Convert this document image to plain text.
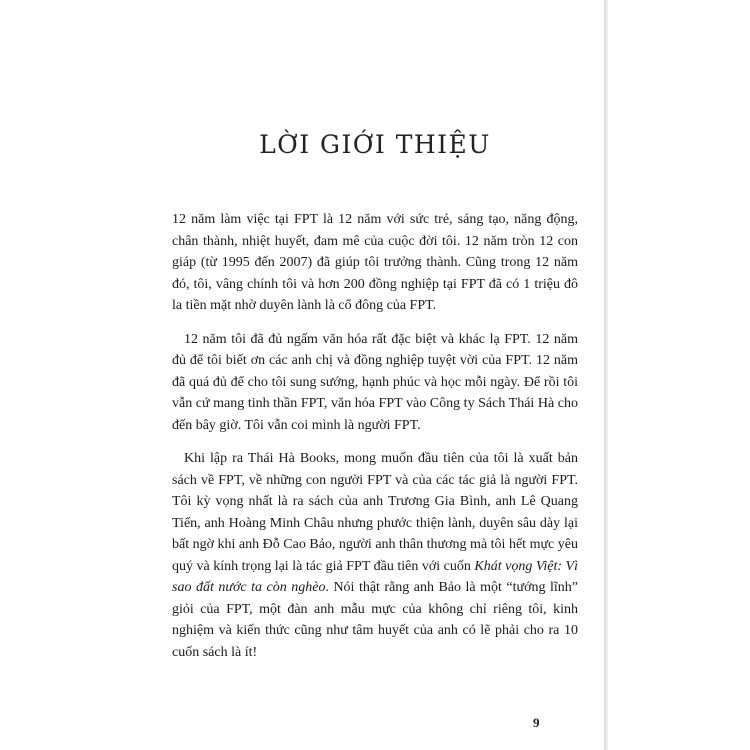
LỜI GIỚI THIỆU

12 năm làm việc tại FPT là 12 năm với sức trẻ, sáng tạo, năng động, chân thành, nhiệt huyết, đam mê của cuộc đời tôi. 12 năm tròn 12 con giáp (từ 1995 đến 2007) đã giúp tôi trưởng thành. Cũng trong 12 năm đó, tôi, vâng chính tôi và hơn 200 đồng nghiệp tại FPT đã có 1 triệu đô la tiền mặt nhờ duyên lành là cổ đông của FPT.

12 năm tôi đã đủ ngấm văn hóa rất đặc biệt và khác lạ FPT. 12 năm đủ để tôi biết ơn các anh chị và đồng nghiệp tuyệt vời của FPT. 12 năm đã quá đủ để cho tôi sung sướng, hạnh phúc và học mỗi ngày. Để rồi tôi vẫn cứ mang tinh thần FPT, văn hóa FPT vào Công ty Sách Thái Hà cho đến bây giờ. Tôi vẫn coi mình là người FPT.

Khi lập ra Thái Hà Books, mong muốn đầu tiên của tôi là xuất bản sách về FPT, về những con người FPT và của các tác giả là người FPT. Tôi kỳ vọng nhất là ra sách của anh Trương Gia Bình, anh Lê Quang Tiến, anh Hoàng Minh Châu nhưng phước thiện lành, duyên sâu dày lại bất ngờ khi anh Đỗ Cao Bảo, người anh thân thương mà tôi hết mực yêu quý và kính trọng lại là tác giả FPT đầu tiên với cuốn Khát vọng Việt: Vì sao đất nước ta còn nghèo. Nói thật rằng anh Bảo là một “tướng lĩnh” giỏi của FPT, một đàn anh mẫu mực của không chỉ riêng tôi, kinh nghiệm và kiến thức cũng như tâm huyết của anh có lẽ phải cho ra 10 cuốn sách là ít!

9
